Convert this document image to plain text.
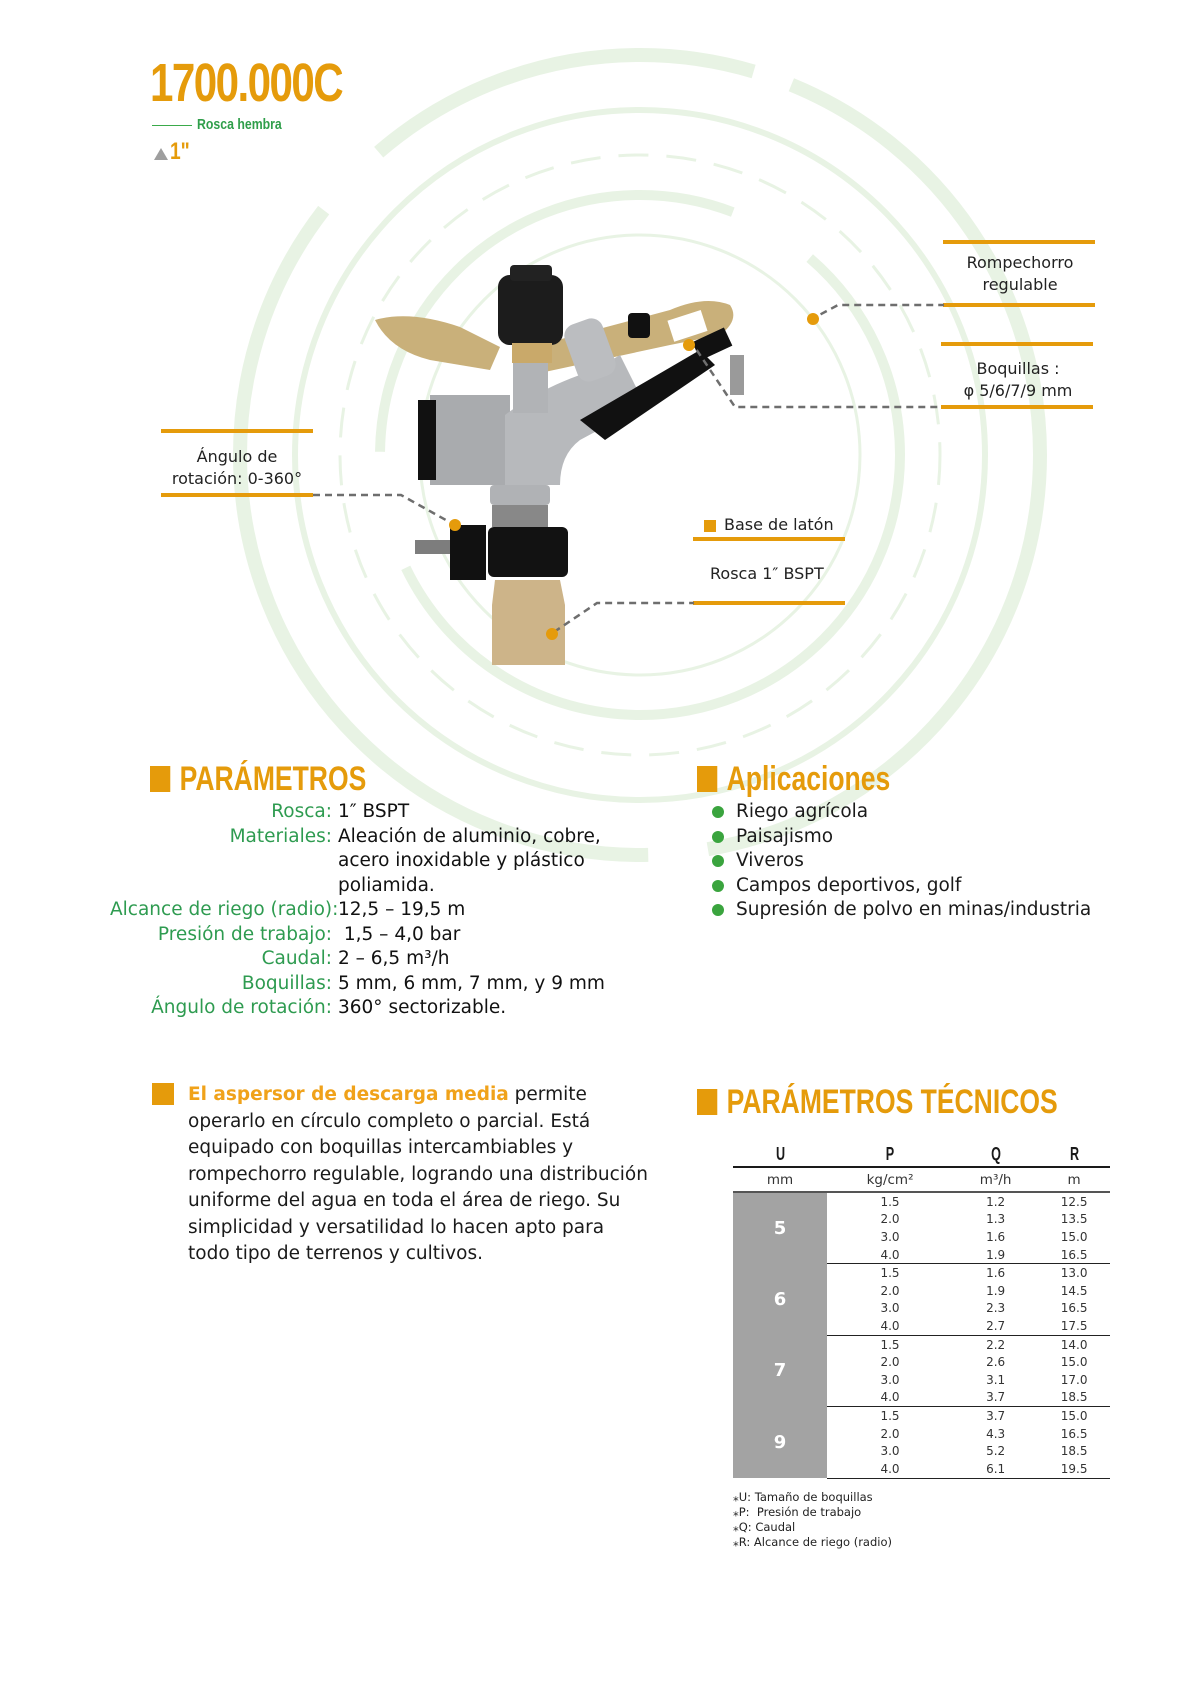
1700.000C
Rosca hembra
1"
Rompechorro regulable
Boquillas :
φ 5/6/7/9 mm
Ángulo de
rotación: 0-360°
Base de latón
Rosca 1″ BSPT
PARÁMETROS
Rosca: 1″ BSPT
Materiales: Aleación de aluminio, cobre, acero inoxidable y plástico poliamida.
Alcance de riego (radio): 12,5 – 19,5 m
Presión de trabajo: 1,5 – 4,0 bar
Caudal: 2 – 6,5 m³/h
Boquillas: 5 mm, 6 mm, 7 mm, y 9 mm
Ángulo de rotación: 360° sectorizable.
Aplicaciones
Riego agrícola
Paisajismo
Viveros
Campos deportivos, golf
Supresión de polvo en minas/industria
El aspersor de descarga media permite operarlo en círculo completo o parcial. Está equipado con boquillas intercambiables y rompechorro regulable, logrando una distribución uniforme del agua en toda el área de riego. Su simplicidad y versatilidad lo hacen apto para todo tipo de terrenos y cultivos.
PARÁMETROS TÉCNICOS
U	P	Q	R
mm	kg/cm²	m³/h	m
5	1.5	1.2	12.5
	2.0	1.3	13.5
	3.0	1.6	15.0
	4.0	1.9	16.5
6	1.5	1.6	13.0
	2.0	1.9	14.5
	3.0	2.3	16.5
	4.0	2.7	17.5
7	1.5	2.2	14.0
	2.0	2.6	15.0
	3.0	3.1	17.0
	4.0	3.7	18.5
9	1.5	3.7	15.0
	2.0	4.3	16.5
	3.0	5.2	18.5
	4.0	6.1	19.5
⁎U: Tamaño de boquillas
⁎P:  Presión de trabajo
⁎Q: Caudal
⁎R: Alcance de riego (radio)
